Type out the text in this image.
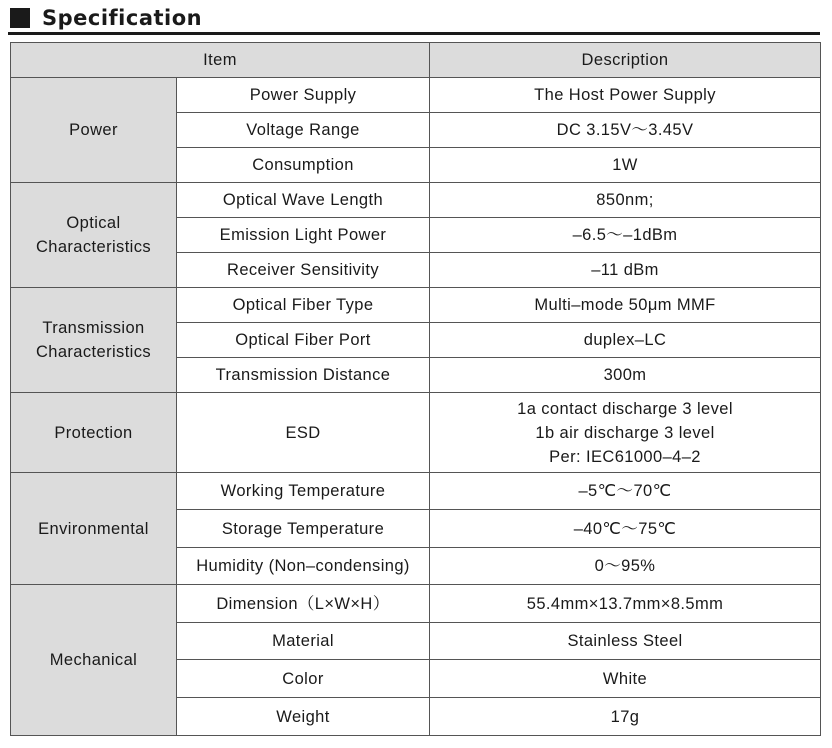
Specification
Item		Description
Power	Power Supply	The Host Power Supply
	Voltage Range	DC 3.15V～3.45V
	Consumption	1W

Optical
Characteristics	Optical Wave Length	850nm;
	Emission Light Power	–6.5～–1dBm
	Receiver Sensitivity	–11 dBm

Transmission
Characteristics	Optical Fiber Type	Multi–mode 50μm MMF
	Optical Fiber Port	duplex–LC
	Transmission Distance	300m
Protection	ESD	1a contact discharge 3 level
1b air discharge 3 level
Per: IEC61000–4–2

Environmental	Working Temperature	–5℃～70℃
	Storage Temperature	–40℃～75℃
	Humidity (Non–condensing)	0～95%
Mechanical	Dimension（L×W×H）	55.4mm×13.7mm×8.5mm
	Material	Stainless Steel
	Color	White
	Weight	17g
